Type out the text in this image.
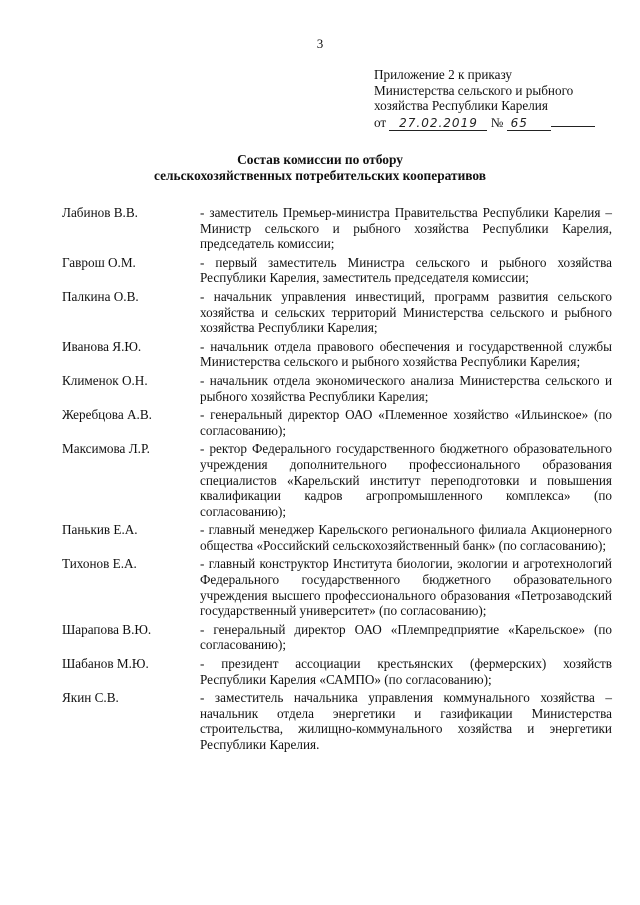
3
Приложение 2 к приказу
Министерства сельского и рыбного
хозяйства Республики Карелия
от 27.02.2019 № 65
Состав комиссии по отбору
сельскохозяйственных потребительских кооперативов
Лабинов В.В.	- заместитель Премьер-министра Правительства Республики Карелия – Министр сельского и рыбного хозяйства Республики Карелия, председатель комиссии;
Гаврош О.М.	- первый заместитель Министра сельского и рыбного хозяйства Республики Карелия, заместитель председателя комиссии;
Палкина О.В.	- начальник управления инвестиций, программ развития сельского хозяйства и сельских территорий Министерства сельского и рыбного хозяйства Республики Карелия;
Иванова Я.Ю.	- начальник отдела правового обеспечения и государственной службы Министерства сельского и рыбного хозяйства Республики Карелия;
Клименок О.Н.	- начальник отдела экономического анализа Министерства сельского и рыбного хозяйства Республики Карелия;
Жеребцова А.В.	- генеральный директор ОАО «Племенное хозяйство «Ильинское» (по согласованию);
Максимова Л.Р.	- ректор Федерального государственного бюджетного образовательного учреждения дополнительного профессионального образования специалистов «Карельский институт переподготовки и повышения квалификации кадров агропромышленного комплекса» (по согласованию);
Панькив Е.А.	- главный менеджер Карельского регионального филиала Акционерного общества «Российский сельскохозяйственный банк» (по согласованию);
Тихонов Е.А.	- главный конструктор Института биологии, экологии и агротехнологий Федерального государственного бюджетного образовательного учреждения высшего профессионального образования «Петрозаводский государственный университет» (по согласованию);
Шарапова В.Ю.	- генеральный директор ОАО «Племпредприятие «Карельское» (по согласованию);
Шабанов М.Ю.	- президент ассоциации крестьянских (фермерских) хозяйств Республики Карелия «САМПО» (по согласованию);
Якин С.В.	- заместитель начальника управления коммунального хозяйства – начальник отдела энергетики и газификации Министерства строительства, жилищно-коммунального хозяйства и энергетики Республики Карелия.
